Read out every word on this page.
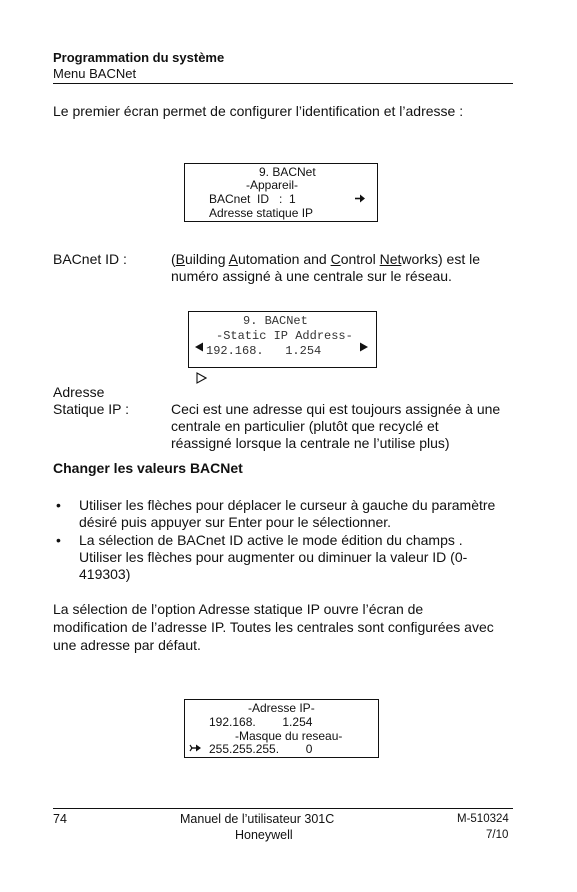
Programmation du système
Menu BACNet
Le premier écran permet de configurer l’identification et l’adresse :
9. BACNet

-Appareil-
BACnet  ID   :  1
Adresse statique IP
BACnet ID :	(Building Automation and Control Networks) est le
numéro assigné à une centrale sur le réseau.

9. BACNet

-Static IP Address-

192.168.   1.254
Adresse
Statique IP :	Ceci est une adresse qui est toujours assignée à une
centrale en particulier (plutôt que recyclé et
réassigné lorsque la centrale ne l’utilise plus)
Changer les valeurs BACNet
• Utiliser les flèches pour déplacer le curseur à gauche du paramètre
désiré puis appuyer sur Enter pour le sélectionner.
• La sélection de BACnet ID active le mode édition du champs .
Utiliser les flèches pour augmenter ou diminuer la valeur ID (0-
419303)
La sélection de l’option Adresse statique IP ouvre l’écran de
modification de l’adresse IP. Toutes les centrales sont configurées avec
une adresse par défaut.
-Adresse IP-

192.168.        1.254
-Masque du reseau-
255.255.255.        0
74	Manuel de l’utilisateur 301C
Honeywell
M-510324
7/10
